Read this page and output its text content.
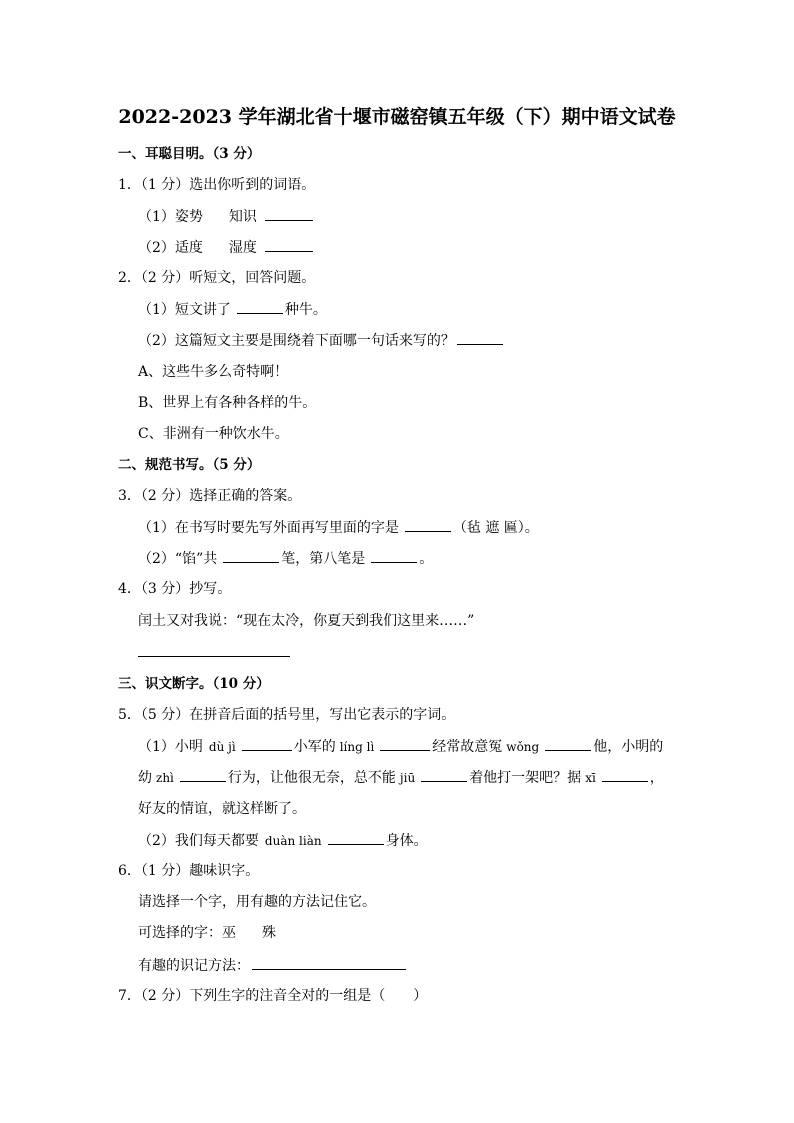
2022-2023 学年湖北省十堰市磁窑镇五年级（下）期中语文试卷
一、耳聪目明。（3 分）
1．（1 分）选出你听到的词语。
（1）姿势 知识
（2）适度 湿度
2．（2 分）听短文，回答问题。
（1）短文讲了	种牛。
（2）这篇短文主要是围绕着下面哪一句话来写的？
A、这些牛多么奇特啊！
B、世界上有各种各样的牛。
C、非洲有一种饮水牛。
二、规范书写。（5 分）
3．（2 分）选择正确的答案。
（1）在书写时要先写外面再写里面的字是	（毡 遮 匾）。
（2）“馅”共	笔，第八笔是	。
4．（3 分）抄写。
闰土又对我说：“现在太冷，你夏天到我们这里来……”
三、识文断字。（10 分）
5．（5 分）在拼音后面的括号里，写出它表示的字词。
（1）小明 dù jì	小军的 líng lì	经常故意冤 wǒng	他，小明的
幼 zhì	行为，让他很无奈，总不能 jiū	着他打一架吧？据 xī	，
好友的情谊，就这样断了。
（2）我们每天都要 duàn liàn	身体。
6．（1 分）趣味识字。
请选择一个字，用有趣的方法记住它。
可选择的字：巫 殊
有趣的识记方法：
7．（2 分）下列生字的注音全对的一组是（　　）
